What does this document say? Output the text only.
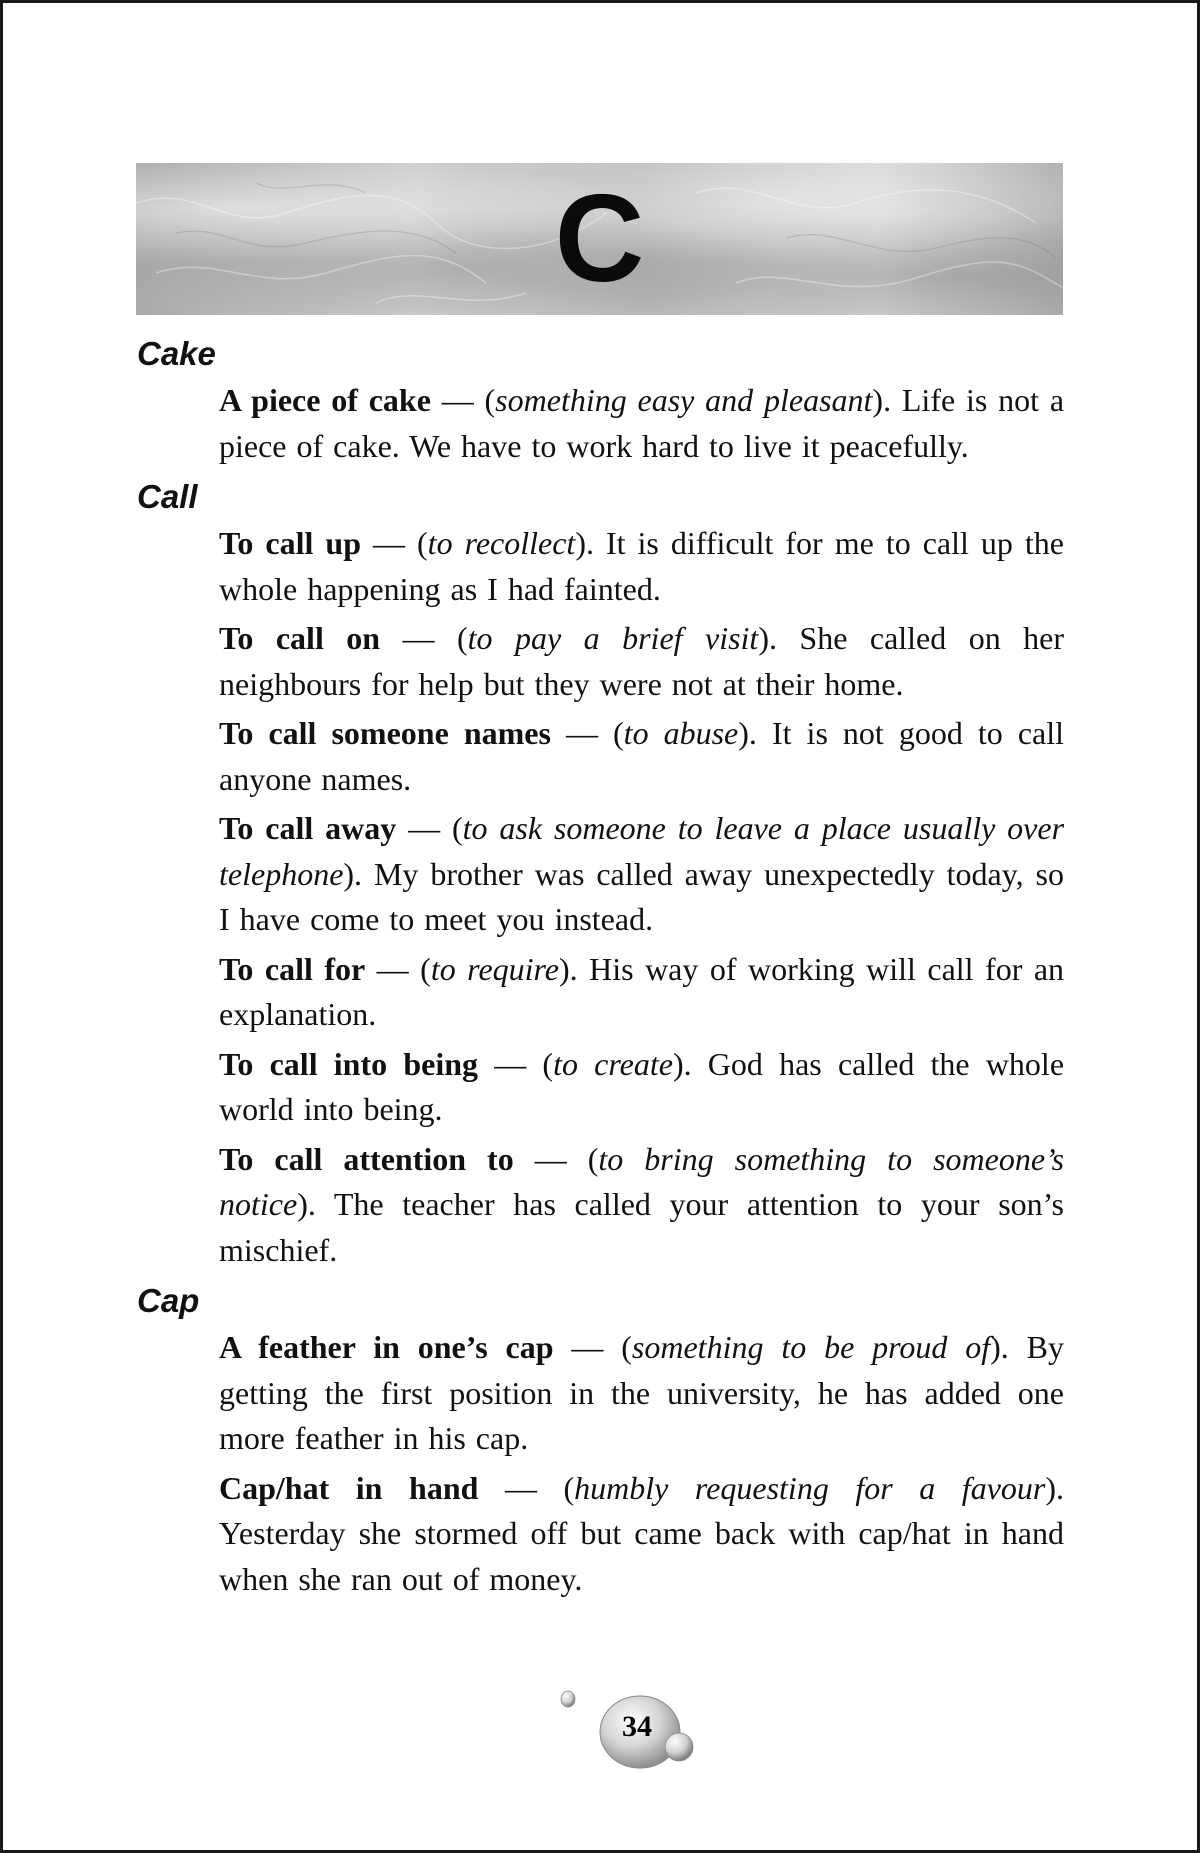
C

Cake

A piece of cake — (something easy and pleasant). Life is not a piece of cake. We have to work hard to live it peacefully.

Call

To call up — (to recollect). It is difficult for me to call up the whole happening as I had fainted.

To call on — (to pay a brief visit). She called on her neighbours for help but they were not at their home.

To call someone names — (to abuse). It is not good to call anyone names.

To call away — (to ask someone to leave a place usually over telephone). My brother was called away unexpectedly today, so I have come to meet you instead.

To call for — (to require). His way of working will call for an explanation.

To call into being — (to create). God has called the whole world into being.

To call attention to — (to bring something to someone’s notice). The teacher has called your attention to your son’s mischief.

Cap

A feather in one’s cap — (something to be proud of). By getting the first position in the university, he has added one more feather in his cap.

Cap/hat in hand — (humbly requesting for a favour). Yesterday she stormed off but came back with cap/hat in hand when she ran out of money.

34
